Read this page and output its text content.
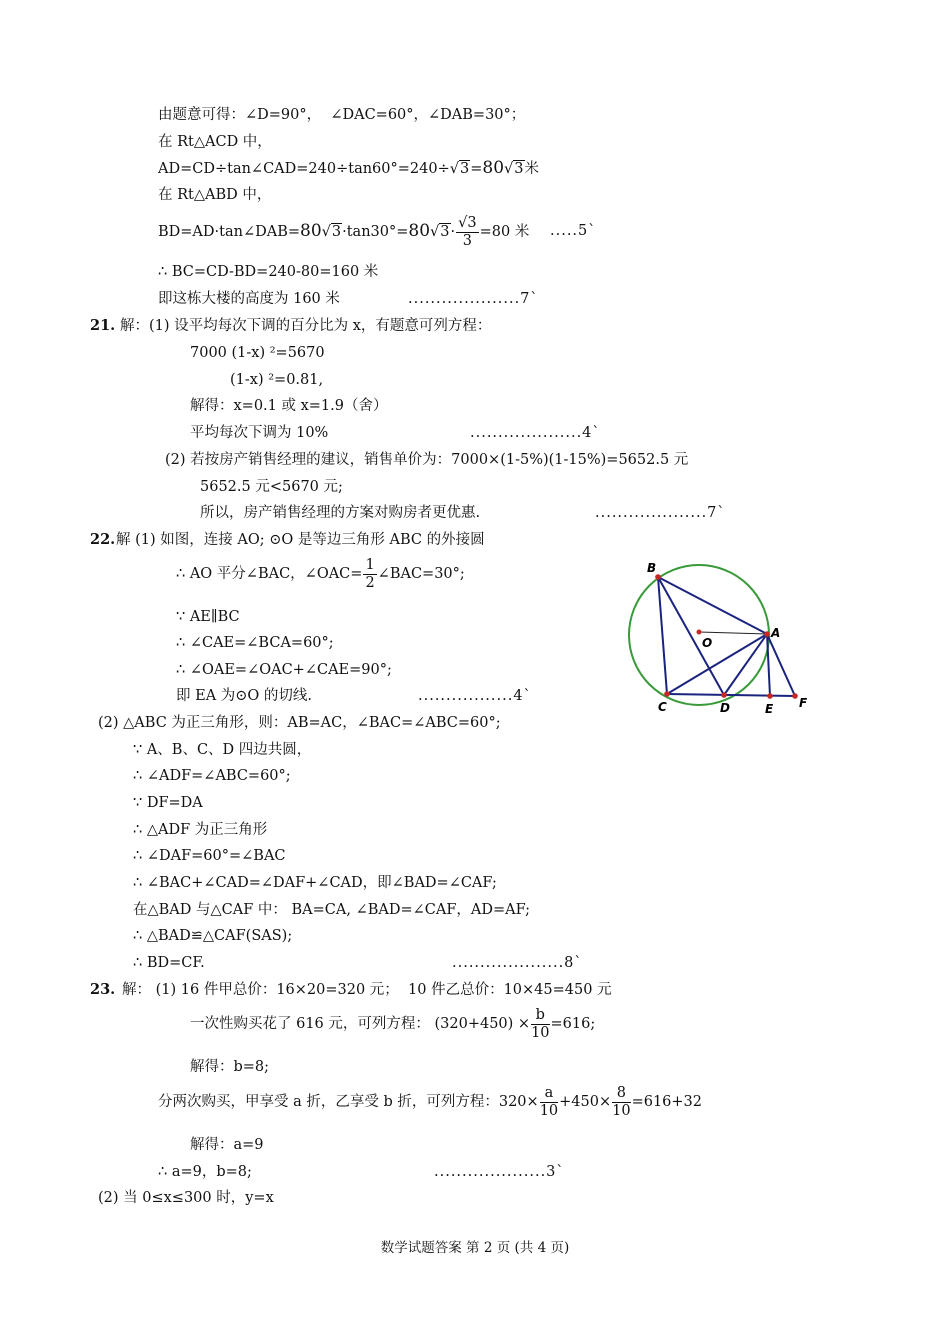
由题意可得：∠D=90°，  ∠DAC=60°，∠DAB=30°；
在 Rt△ACD 中，
AD=CD÷tan∠CAD=240÷tan60°=240÷√3=80√3米
在 Rt△ABD 中，
BD=AD·tan∠DAB=80√3·tan30°=80√3· $\frac{√3}{3} =80$ 米 .....5`
∴ BC=CD-BD=240-80=160 米
即这栋大楼的高度为 160 米	....................7`
21. 解：(1) 设平均每次下调的百分比为 x，有题意可列方程：
7000 (1-x) ²=5670
(1-x) ²=0.81,
解得：x=0.1 或 x=1.9（舍）
平均每次下调为 10%	....................4`
(2) 若按房产销售经理的建议，销售单价为：7000×(1-5%)(1-15%)=5652.5 元
5652.5 元<5670 元;
所以，房产销售经理的方案对购房者更优惠.	....................7`
22. 解 (1) 如图，连接 AO; ⊙O 是等边三角形 ABC 的外接圆
∴ AO 平分∠BAC，∠OAC= $\frac{1}{2}$ ∠BAC=30°;
∵ AE∥BC
∴ ∠CAE=∠BCA=60°;
∴ ∠OAE=∠OAC+∠CAE=90°;
即 EA 为⊙O 的切线.	.................4`
(2) △ABC 为正三角形，则：AB=AC，∠BAC=∠ABC=60°;
∵ A、B、C、D 四边共圆，
∴ ∠ADF=∠ABC=60°;
∵ DF=DA
∴ △ADF 为正三角形
∴ ∠DAF=60°=∠BAC
∴ ∠BAC+∠CAD=∠DAF+∠CAD，即∠BAD=∠CAF;
在△BAD 与△CAF 中： BA=CA, ∠BAD=∠CAF，AD=AF;
∴ △BAD≌△CAF(SAS);
∴ BD=CF.	....................8`
B
O
A
C	D	E F
23. 解： (1) 16 件甲总价：16×20=320 元；  10 件乙总价：10×45=450 元
一次性购买花了 616 元，可列方程： $(320+450) \times \frac{b}{10} =616$;
解得：b=8;
分两次购买，甲享受 a 折，乙享受 b 折，可列方程：$320\times \frac{a}{10} +450\times \frac{8}{10} =616+32$
解得：a=9
∴ a=9，b=8;	....................3`
(2) 当 0≤x≤300 时，y=x
数学试题答案 第 2 页 (共 4 页)
